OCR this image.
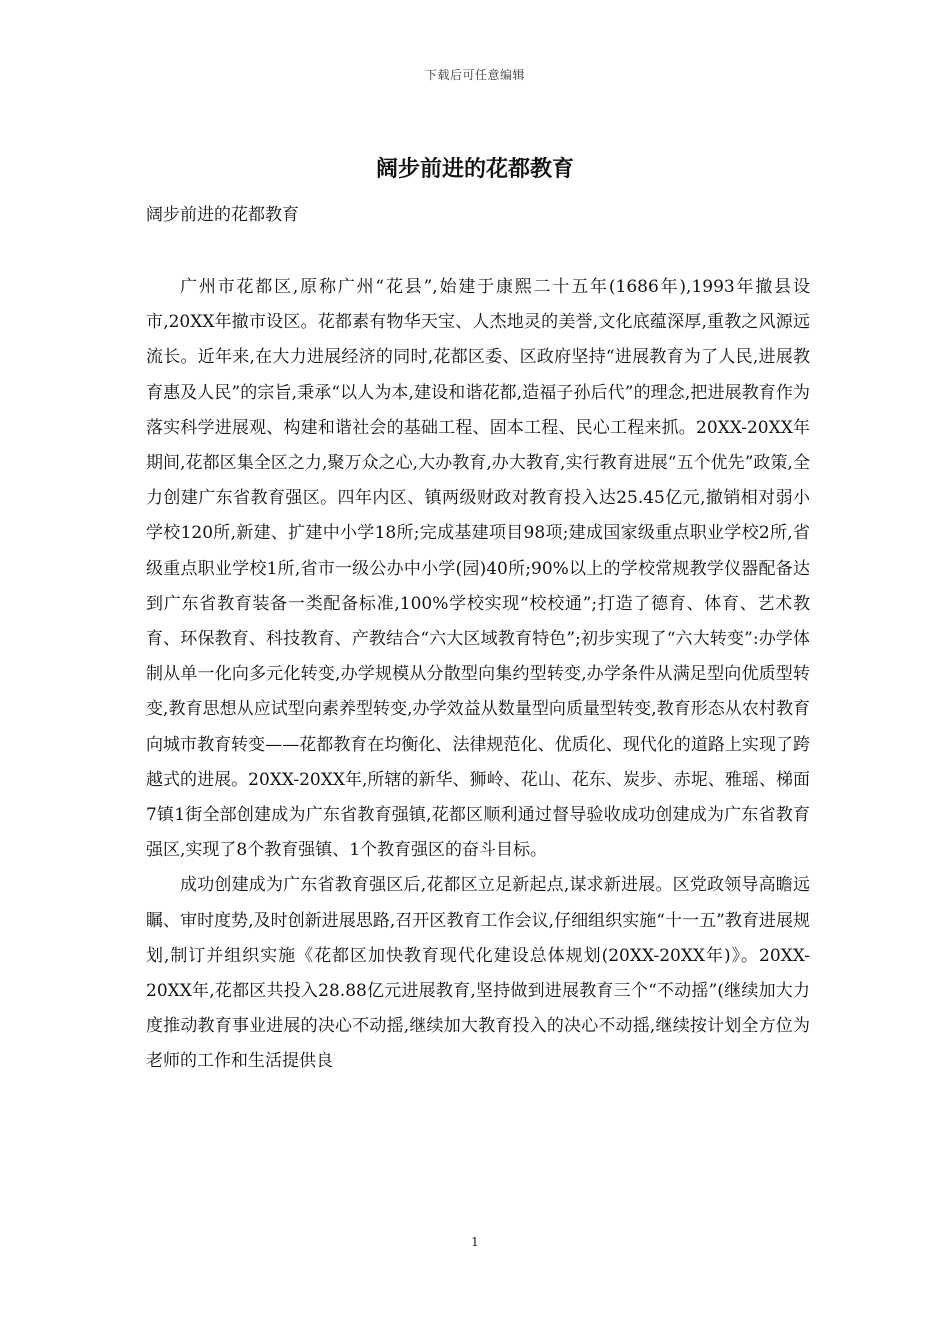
下载后可任意编辑
阔步前进的花都教育
阔步前进的花都教育

广州市花都区,原称广州“花县”,始建于康熙二十五年(1686年),1993年撤县设市,20XX年撤市设区。花都素有物华天宝、人杰地灵的美誉,文化底蕴深厚,重教之风源远流长。近年来,在大力进展经济的同时,花都区委、区政府坚持“进展教育为了人民,进展教育惠及人民”的宗旨,秉承“以人为本,建设和谐花都,造福子孙后代”的理念,把进展教育作为落实科学进展观、构建和谐社会的基础工程、固本工程、民心工程来抓。20XX-20XX年期间,花都区集全区之力,聚万众之心,大办教育,办大教育,实行教育进展“五个优先”政策,全力创建广东省教育强区。四年内区、镇两级财政对教育投入达25.45亿元,撤销相对弱小学校120所,新建、扩建中小学18所;完成基建项目98项;建成国家级重点职业学校2所,省级重点职业学校1所,省市一级公办中小学(园)40所;90%以上的学校常规教学仪器配备达到广东省教育装备一类配备标准,100%学校实现“校校通”;打造了德育、体育、艺术教育、环保教育、科技教育、产教结合“六大区域教育特色”;初步实现了“六大转变”:办学体制从单一化向多元化转变,办学规模从分散型向集约型转变,办学条件从满足型向优质型转变,教育思想从应试型向素养型转变,办学效益从数量型向质量型转变,教育形态从农村教育向城市教育转变——花都教育在均衡化、法律规范化、优质化、现代化的道路上实现了跨越式的进展。20XX-20XX年,所辖的新华、狮岭、花山、花东、炭步、赤坭、雅瑶、梯面7镇1街全部创建成为广东省教育强镇,花都区顺利通过督导验收成功创建成为广东省教育强区,实现了8个教育强镇、1个教育强区的奋斗目标。

成功创建成为广东省教育强区后,花都区立足新起点,谋求新进展。区党政领导高瞻远瞩、审时度势,及时创新进展思路,召开区教育工作会议,仔细组织实施“十一五”教育进展规划,制订并组织实施《花都区加快教育现代化建设总体规划(20XX-20XX年)》。20XX-20XX年,花都区共投入28.88亿元进展教育,坚持做到进展教育三个“不动摇”(继续加大力度推动教育事业进展的决心不动摇,继续加大教育投入的决心不动摇,继续按计划全方位为老师的工作和生活提供良

1
